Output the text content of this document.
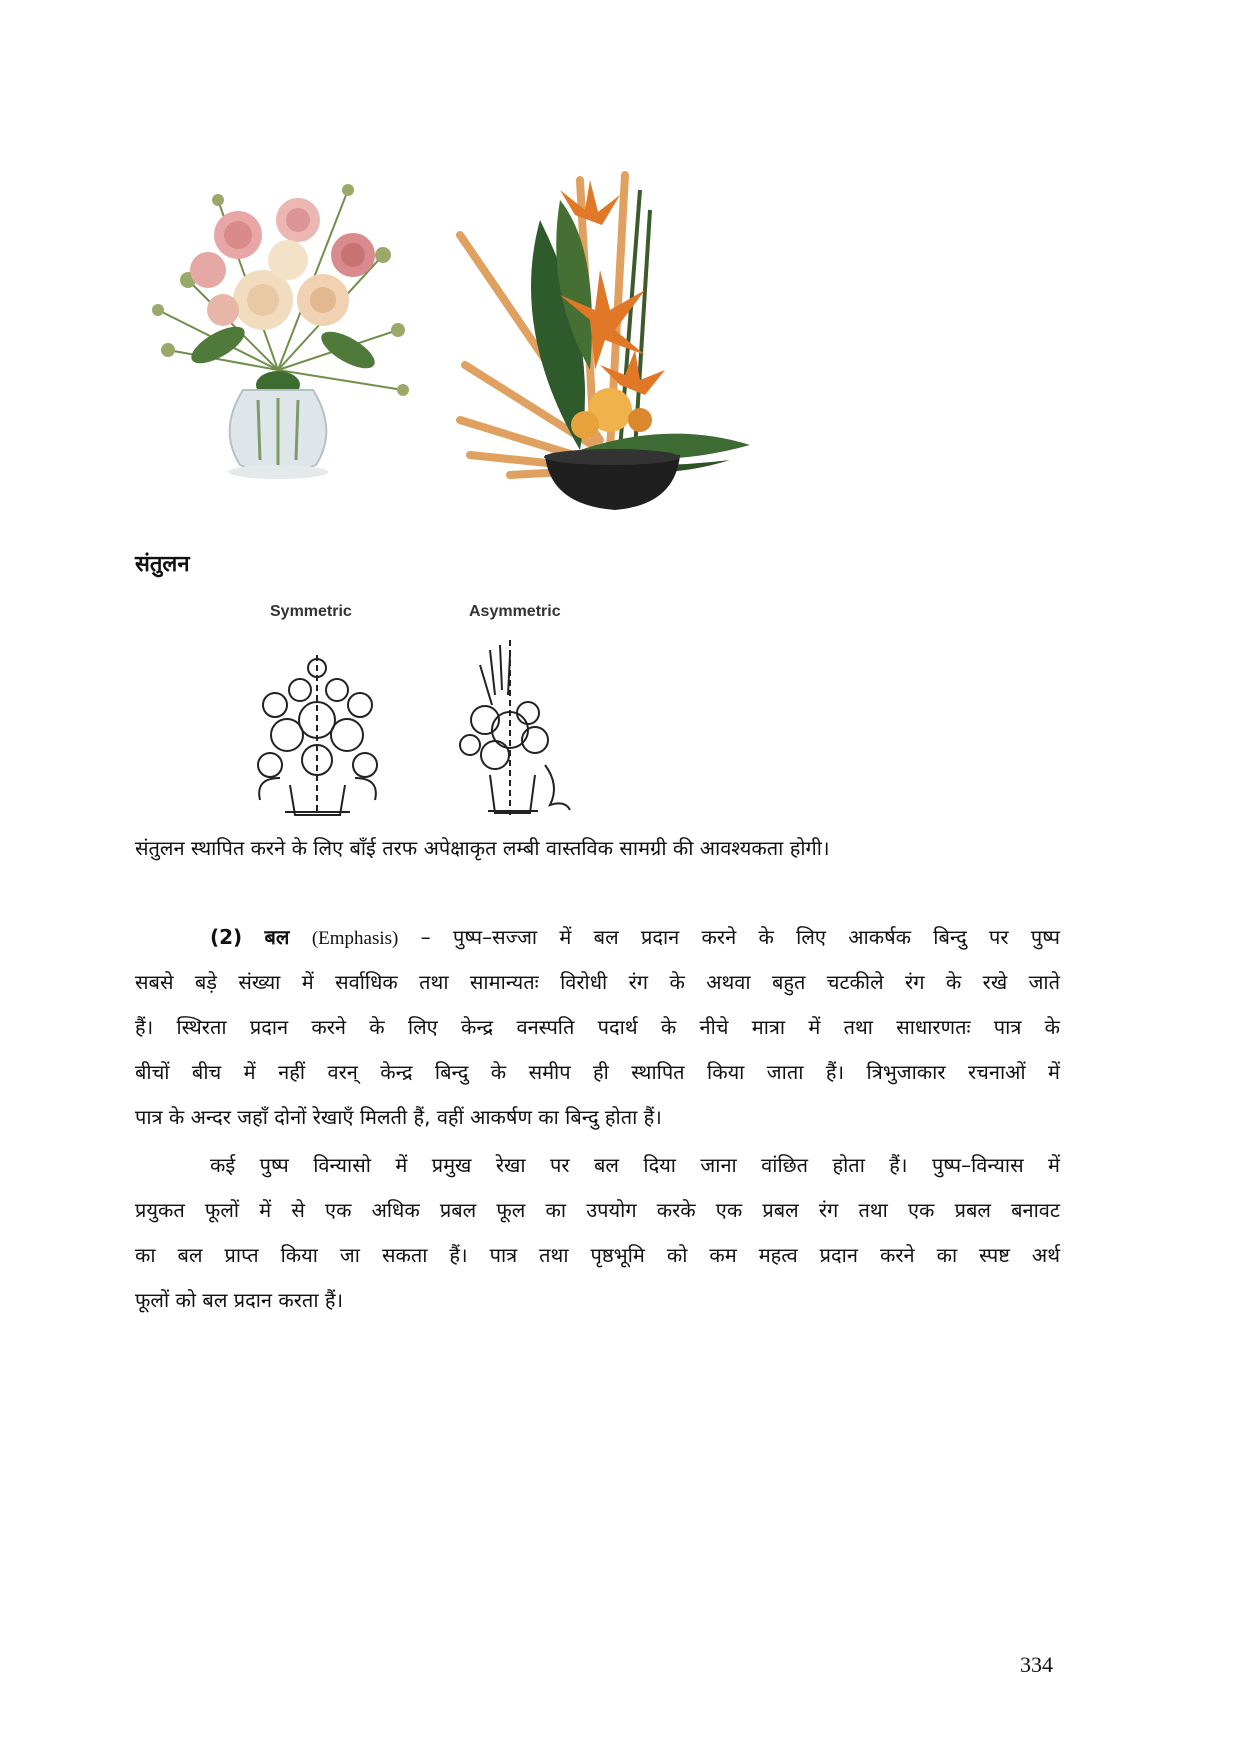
संतुलन
Symmetric	Asymmetric
संतुलन स्थापित करने के लिए बाँई तरफ अपेक्षाकृत लम्बी वास्तविक सामग्री की आवश्यकता होगी।
(2) बल (Emphasis) – पुष्प–सज्जा में बल प्रदान करने के लिए आकर्षक बिन्दु पर पुष्प
सबसे बड़े संख्या में सर्वाधिक तथा सामान्यतः विरोधी रंग के अथवा बहुत चटकीले रंग के रखे जाते
हैं। स्थिरता प्रदान करने के लिए केन्द्र वनस्पति पदार्थ के नीचे मात्रा में तथा साधारणतः पात्र के
बीचों बीच में नहीं वरन् केन्द्र बिन्दु के समीप ही स्थापित किया जाता हैं। त्रिभुजाकार रचनाओं में
पात्र के अन्दर जहाँ दोनों रेखाएँ मिलती हैं, वहीं आकर्षण का बिन्दु होता हैं।
कई पुष्प विन्यासो में प्रमुख रेखा पर बल दिया जाना वांछित होता हैं। पुष्प–विन्यास में
प्रयुकत फूलों में से एक अधिक प्रबल फूल का उपयोग करके एक प्रबल रंग तथा एक प्रबल बनावट
का बल प्राप्त किया जा सकता हैं। पात्र तथा पृष्ठभूमि को कम महत्व प्रदान करने का स्पष्ट अर्थ
फूलों को बल प्रदान करता हैं।
334
